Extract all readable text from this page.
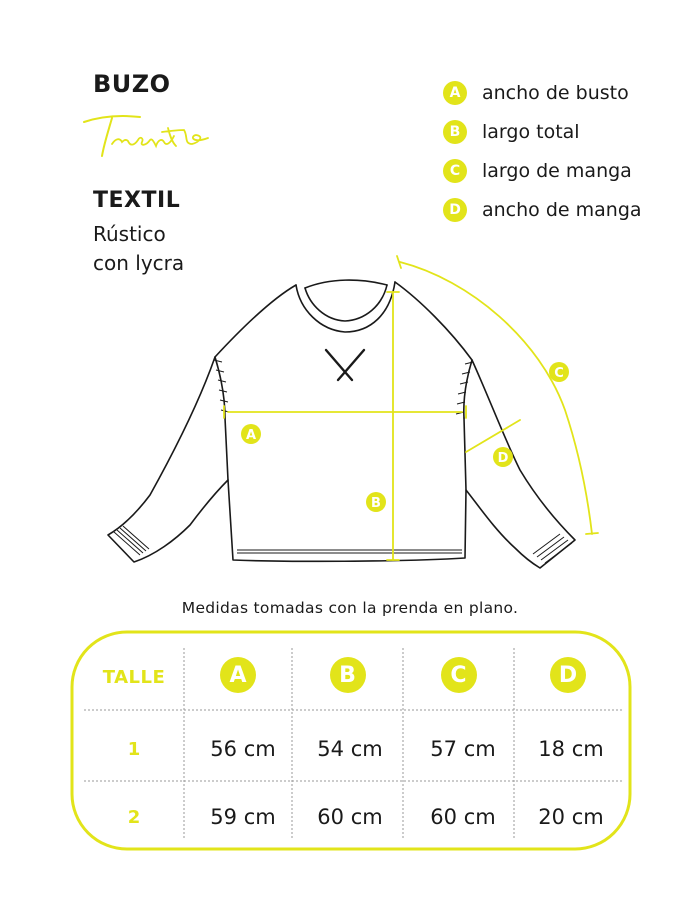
BUZO
TEXTIL
Rústico
con lycra
A	ancho de busto
B	largo total
C	largo de manga
D	ancho de manga
A
B
C
D
Medidas tomadas con la prenda en plano.
TALLE	A	B	C	D
1	56 cm	54 cm	57 cm	18 cm
2	59 cm	60 cm	60 cm	20 cm
